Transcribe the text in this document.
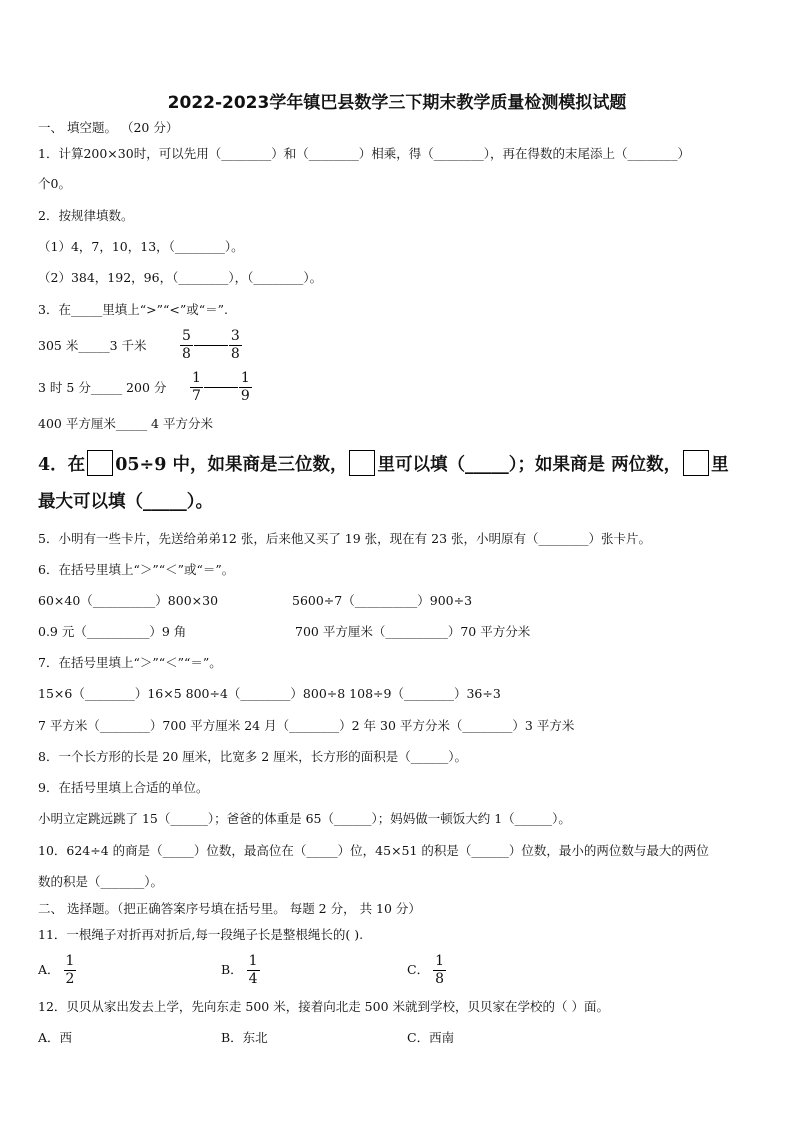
2022-2023学年镇巴县数学三下期末教学质量检测模拟试题
一、 填空题。 （20 分）
1．计算200×30时，可以先用（________）和（________）相乘，得（________），再在得数的末尾添上（________）
个0。
2．按规律填数。
（1）4，7，10，13，（________）。
（2）384，192，96，（________），（________）。
3．在_____里填上“>”“<”或“＝”.
305 米_____3 千米 $\frac{5}{8}$	$\frac{3}{8}$
3 时 5 分_____ 200 分 $\frac{1}{7}$	$\frac{1}{9}$
400 平方厘米_____ 4 平方分米
4．在 05÷9 中，如果商是三位数， 里可以填（_____）；如果商是 两位数， 里
最大可以填（_____）。
5．小明有一些卡片，先送给弟弟12 张，后来他又买了 19 张，现在有 23 张，小明原有（________）张卡片。
6．在括号里填上“＞”“＜”或“＝”。
60×40（__________）800×30	5600÷7（__________）900÷3
0.9 元（__________）9 角	700 平方厘米（__________）70 平方分米
7．在括号里填上“＞”“＜”“＝”。
15×6（________）16×5 800÷4（________）800÷8 108÷9（________）36÷3
7 平方米（________）700 平方厘米 24 月（________）2 年 30 平方分米（________）3 平方米
8．一个长方形的长是 20 厘米，比宽多 2 厘米，长方形的面积是（______）。
9．在括号里填上合适的单位。
小明立定跳远跳了 15（______）；爸爸的体重是 65（______）；妈妈做一顿饭大约 1（______）。
10．624÷4 的商是（_____）位数，最高位在（_____）位，45×51 的积是（______）位数，最小的两位数与最大的两位
数的积是（_______）。
二、 选择题。（把正确答案序号填在括号里。 每题 2 分， 共 10 分）
11．一根绳子对折再对折后,每一段绳子长是整根绳长的( ).
A． $\frac{1}{2}$	B． $\frac{1}{4}$	C． $\frac{1}{8}$
12．贝贝从家出发去上学，先向东走 500 米，接着向北走 500 米就到学校，贝贝家在学校的（ ）面。
A．西	B．东北	C．西南
